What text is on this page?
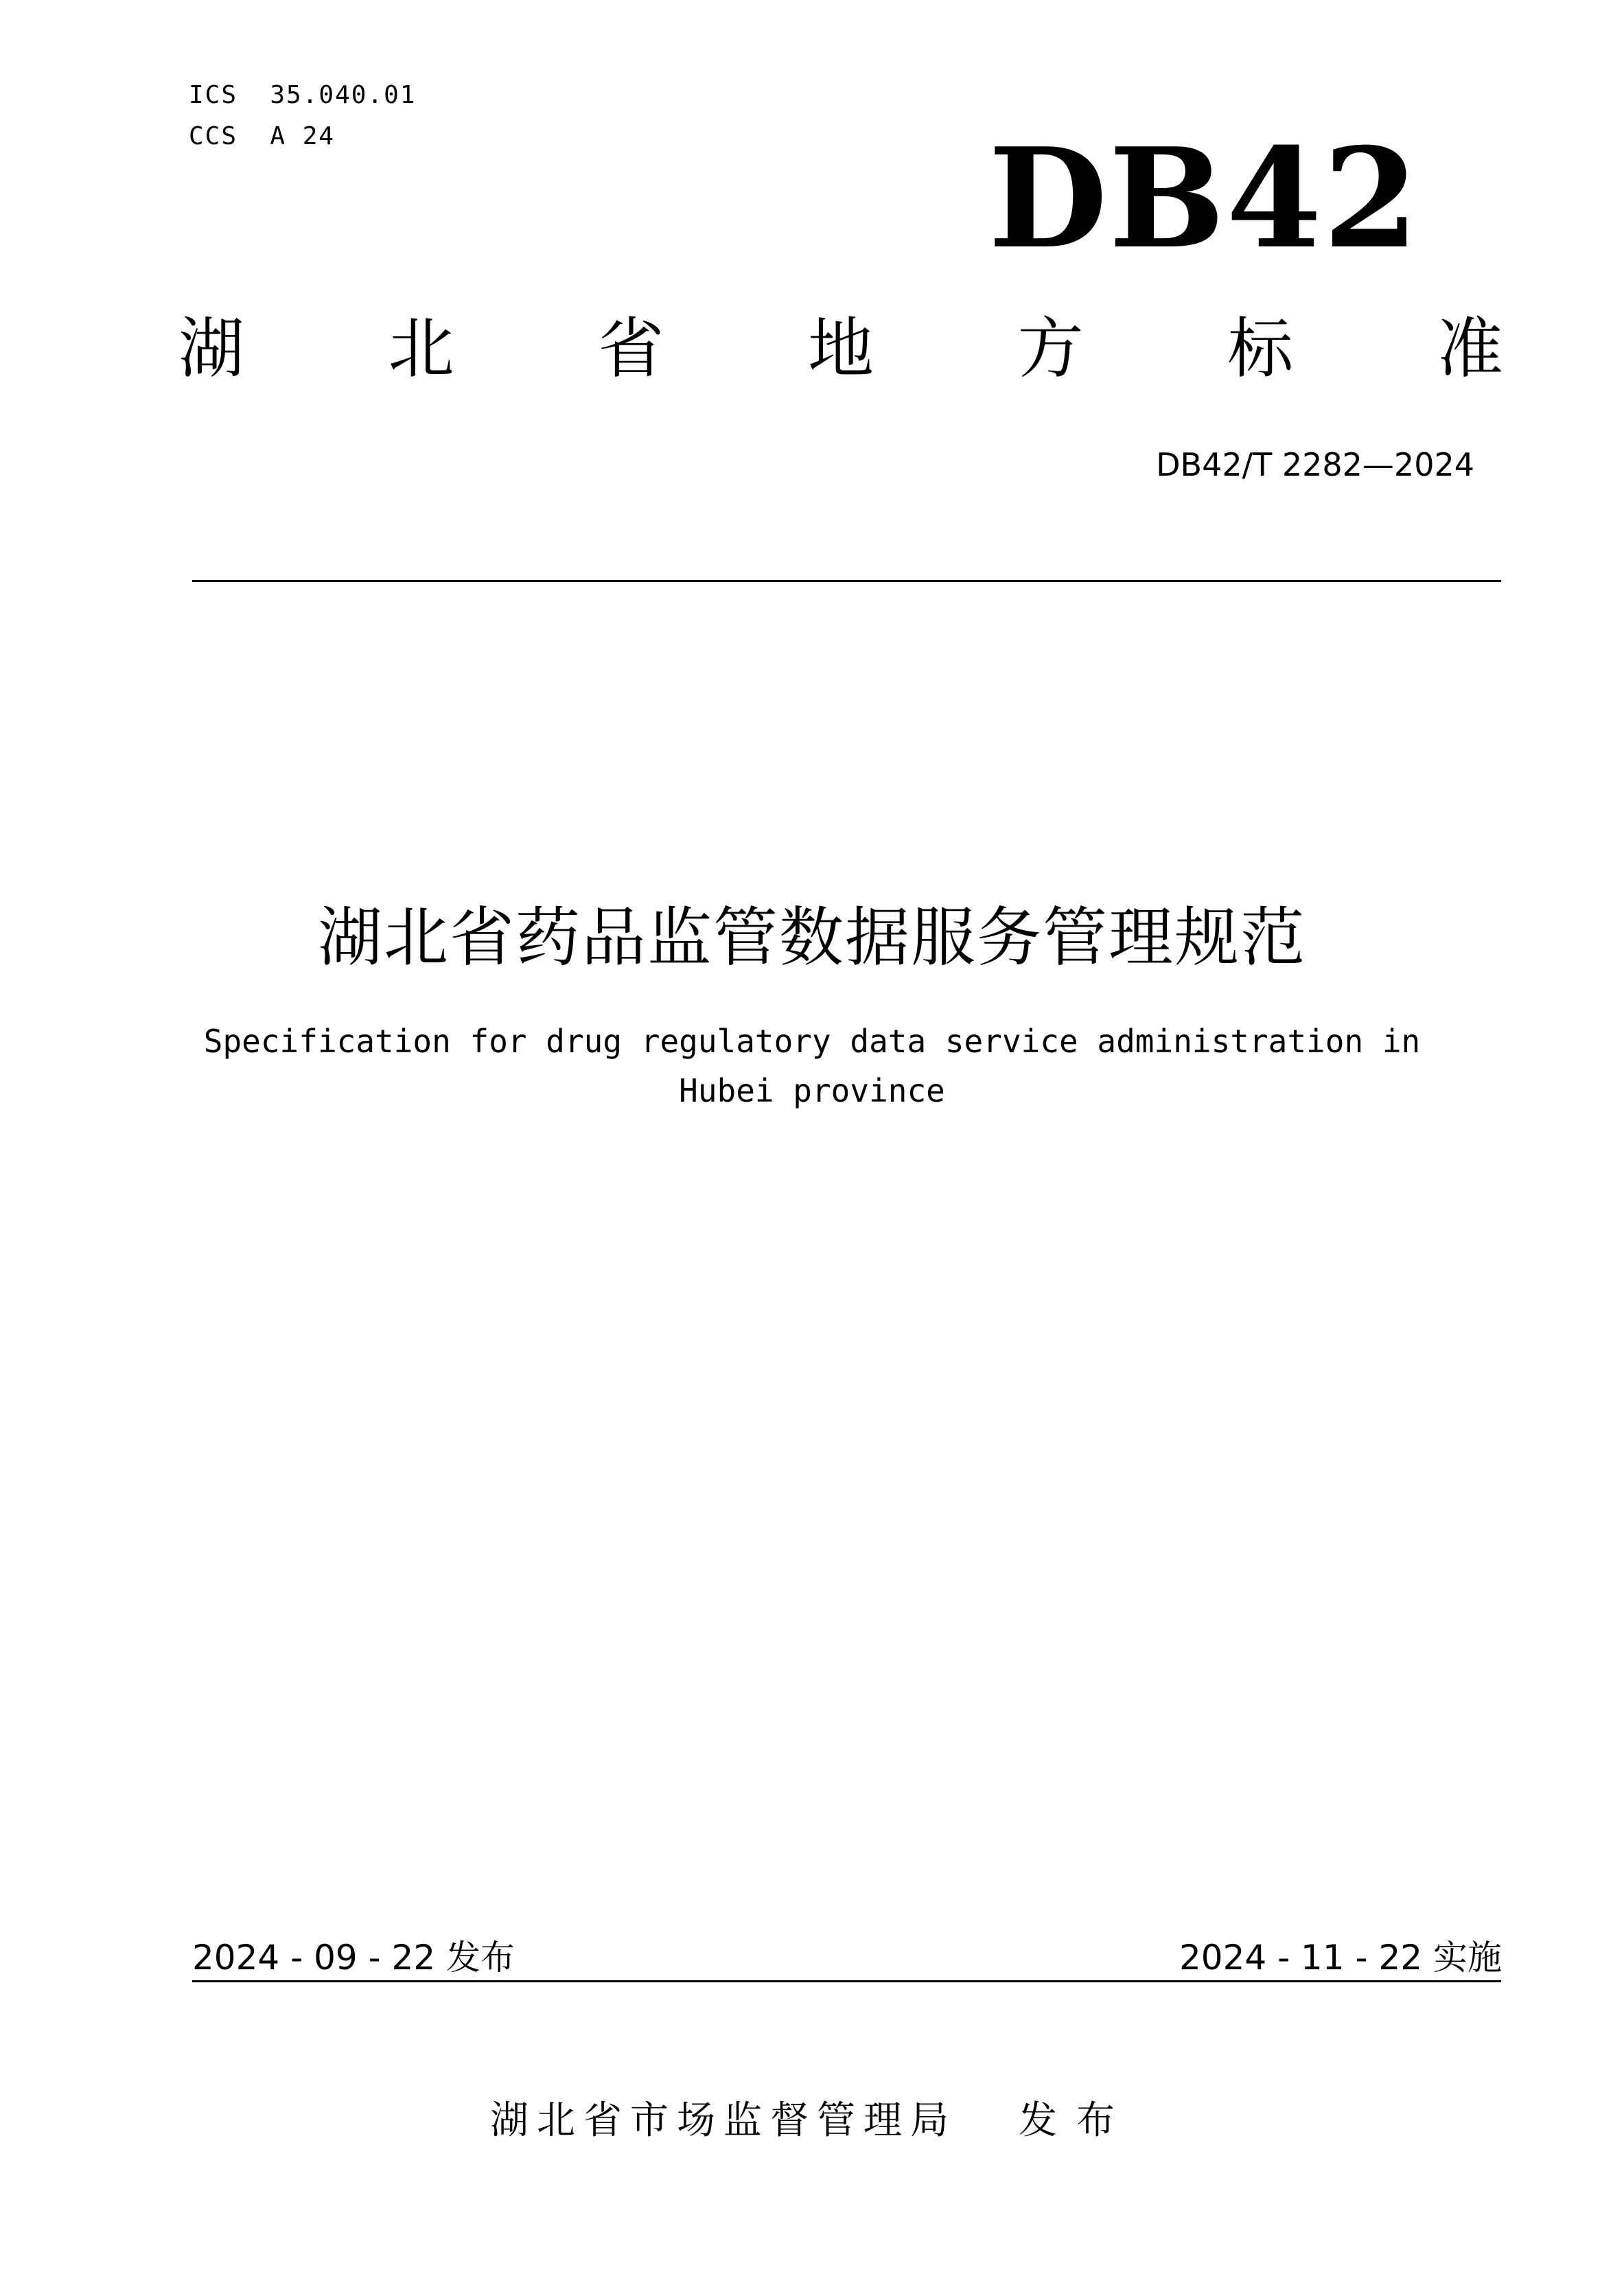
ICS  35.040.01
CCS  A 24	DB42
湖 北 省 地 方 标 准
DB42/T 2282—2024
湖北省药品监管数据服务管理规范
Specification for drug regulatory data service administration in
Hubei province
2024 - 09 - 22 发布	2024 - 11 - 22 实施
湖北省市场监督管理局 发布
